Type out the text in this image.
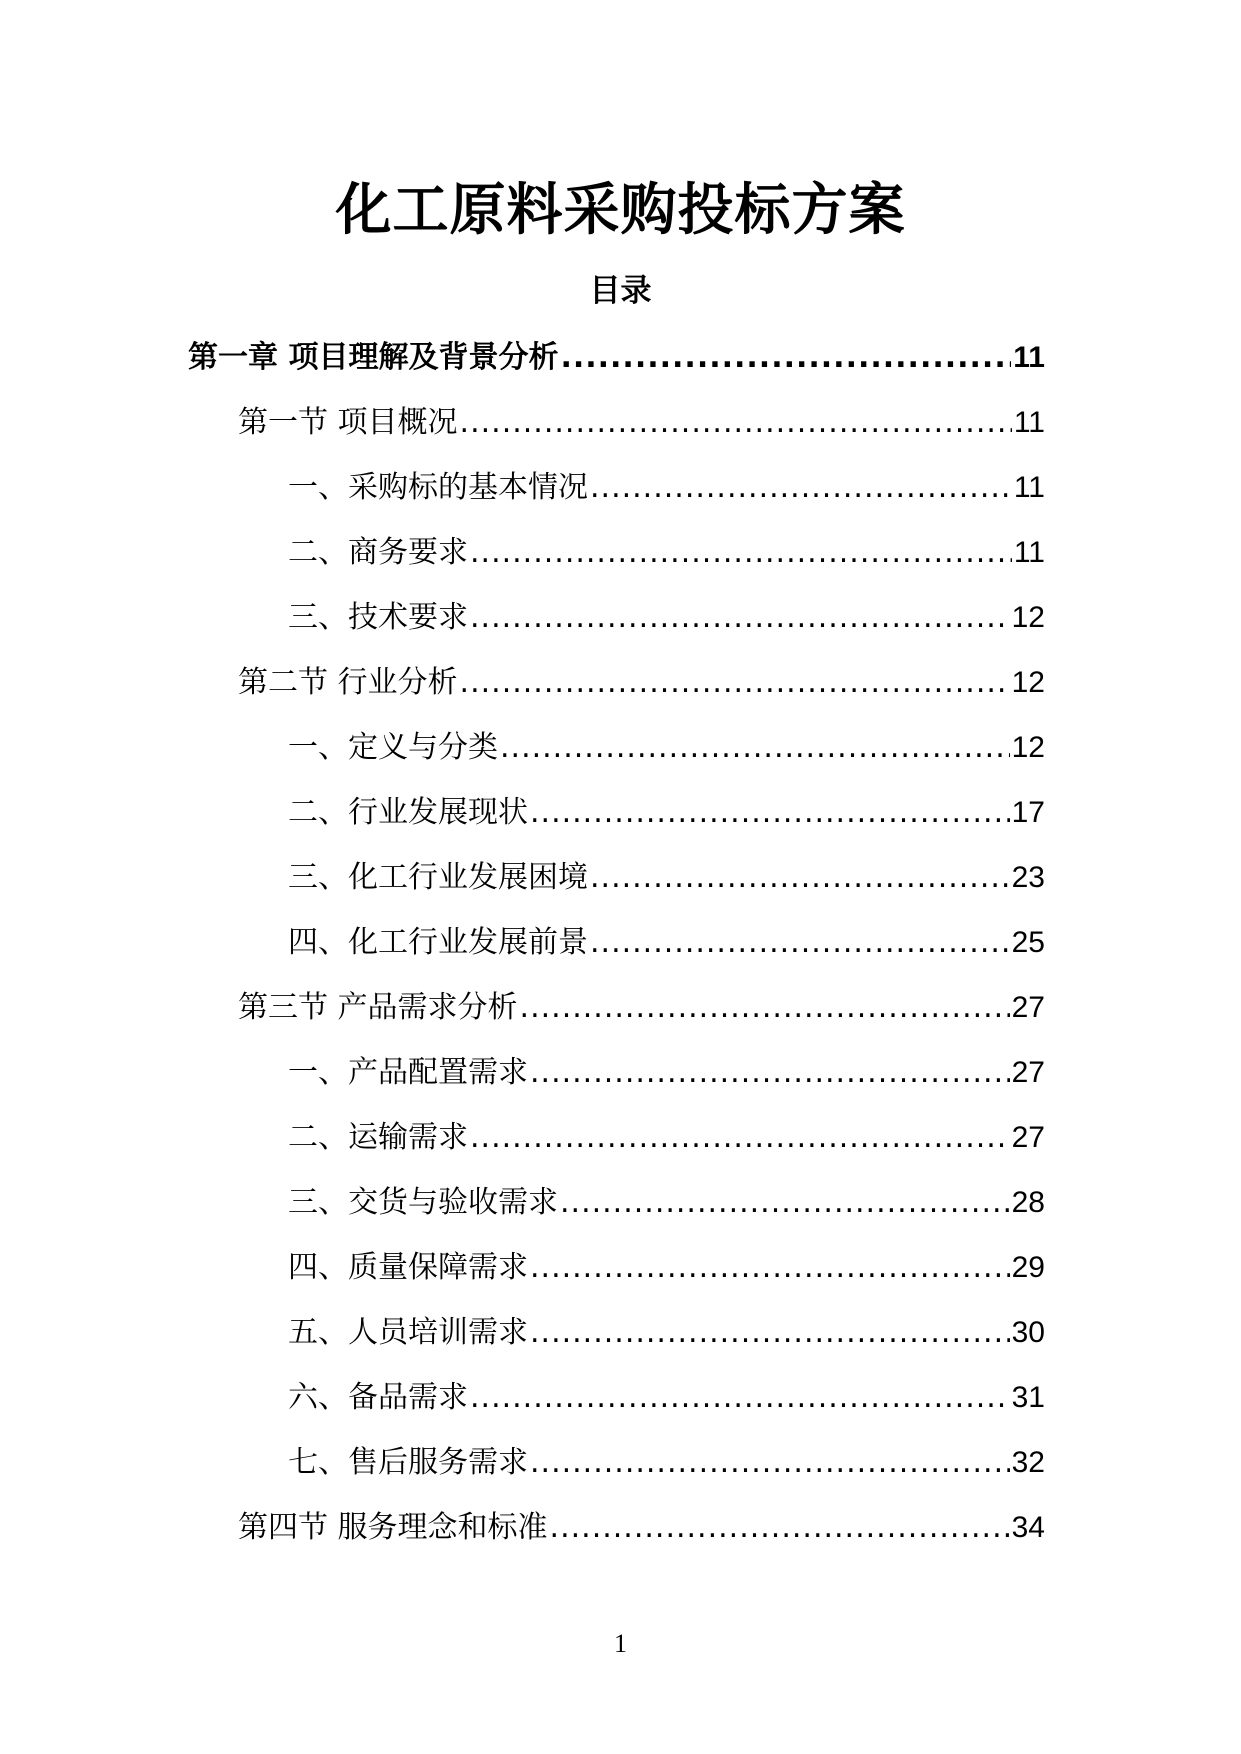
化工原料采购投标方案
目录
第一章 项目理解及背景分析 .....	11
第一节 项目概况 .....	11
一、采购标的基本情况 .....	11
二、商务要求 .....	11
三、技术要求 .....	12
第二节 行业分析 .....	12
一、定义与分类 .....	12
二、行业发展现状 .....	17
三、化工行业发展困境 .....	23
四、化工行业发展前景 .....	25
第三节 产品需求分析 .....	27
一、产品配置需求 .....	27
二、运输需求 .....	27
三、交货与验收需求 .....	28
四、质量保障需求 .....	29
五、人员培训需求 .....	30
六、备品需求 .....	31
七、售后服务需求 .....	32
第四节 服务理念和标准 .....	34
1
